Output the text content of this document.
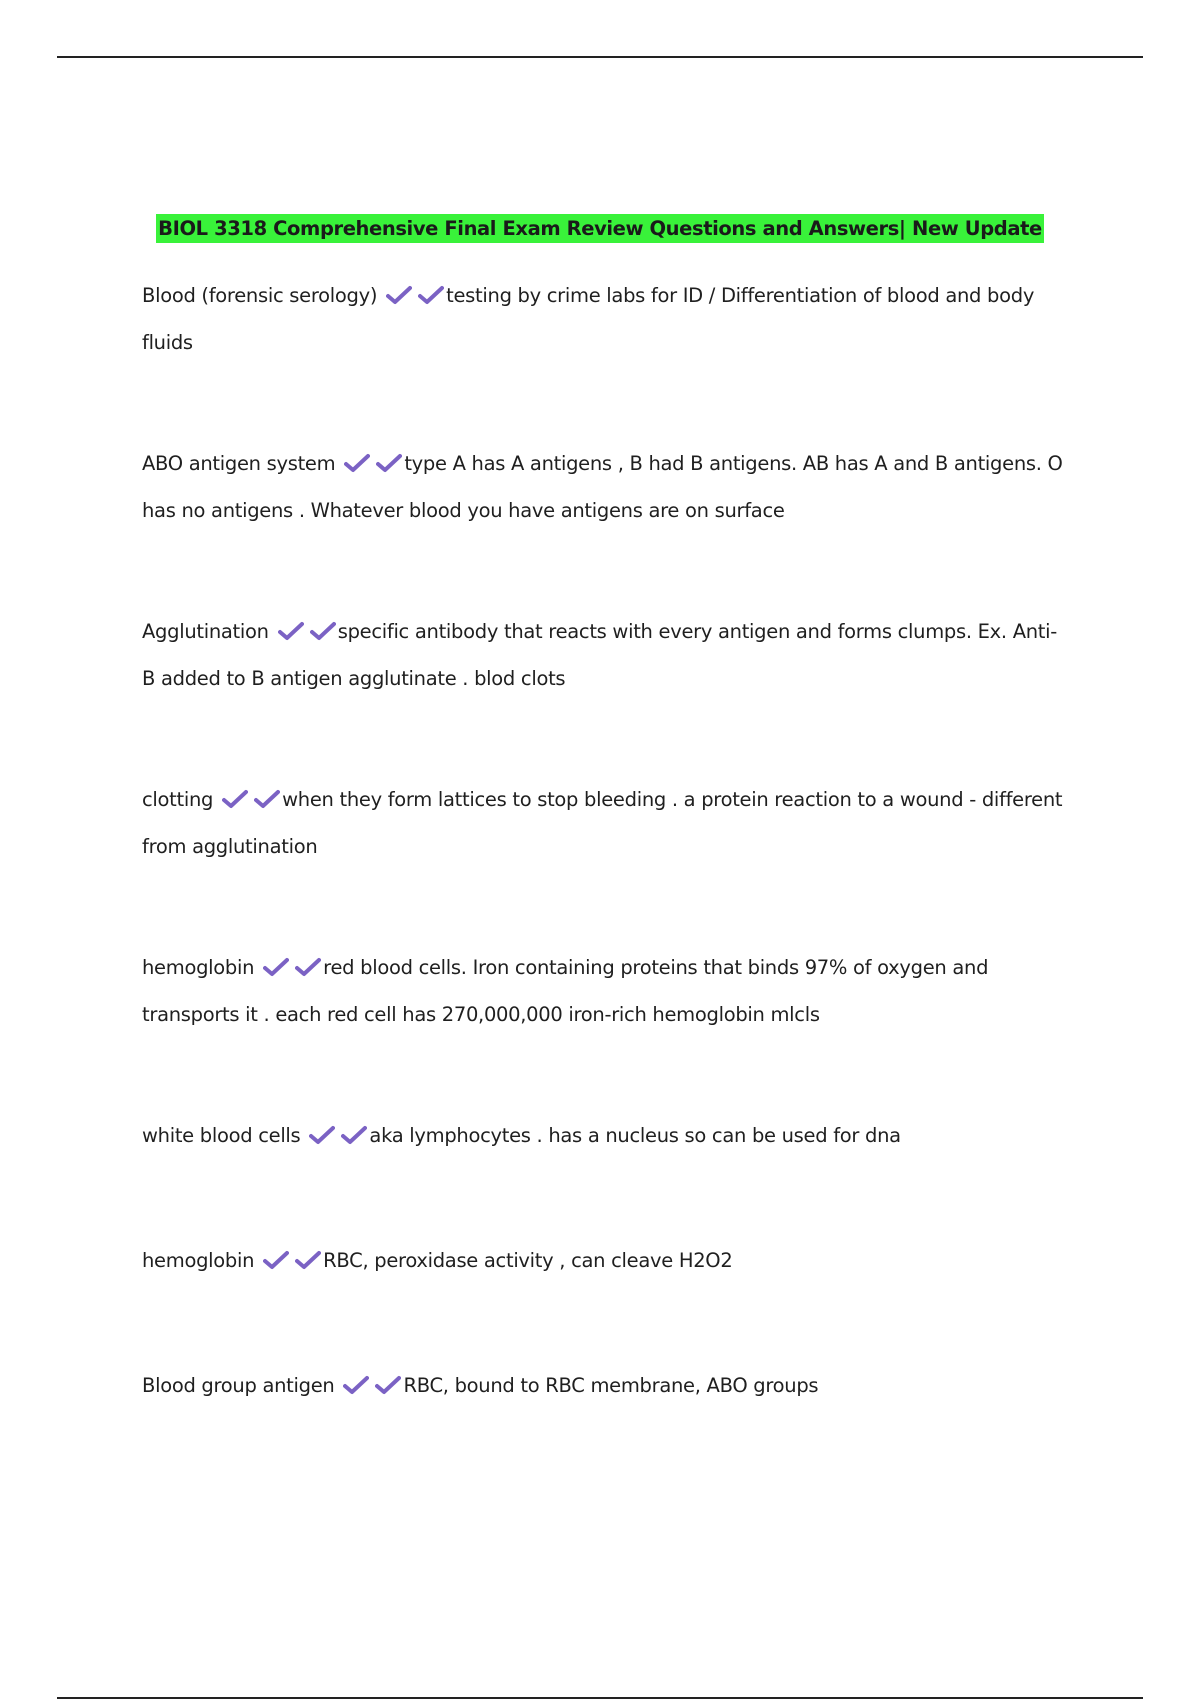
BIOL 3318 Comprehensive Final Exam Review Questions and Answers| New Update
Blood (forensic serology)	testing by crime labs for ID / Differentiation of blood and body fluids
ABO antigen system	type A has A antigens , B had B antigens. AB has A and B antigens. O has no antigens . Whatever blood you have antigens are on surface
Agglutination	specific antibody that reacts with every antigen and forms clumps. Ex. Anti-B added to B antigen agglutinate . blod clots
clotting	when they form lattices to stop bleeding . a protein reaction to a wound - different from agglutination
hemoglobin	red blood cells. Iron containing proteins that binds 97% of oxygen and transports it . each red cell has 270,000,000 iron-rich hemoglobin mlcls
white blood cells	aka lymphocytes . has a nucleus so can be used for dna
hemoglobin	RBC, peroxidase activity , can cleave H2O2
Blood group antigen	RBC, bound to RBC membrane, ABO groups
